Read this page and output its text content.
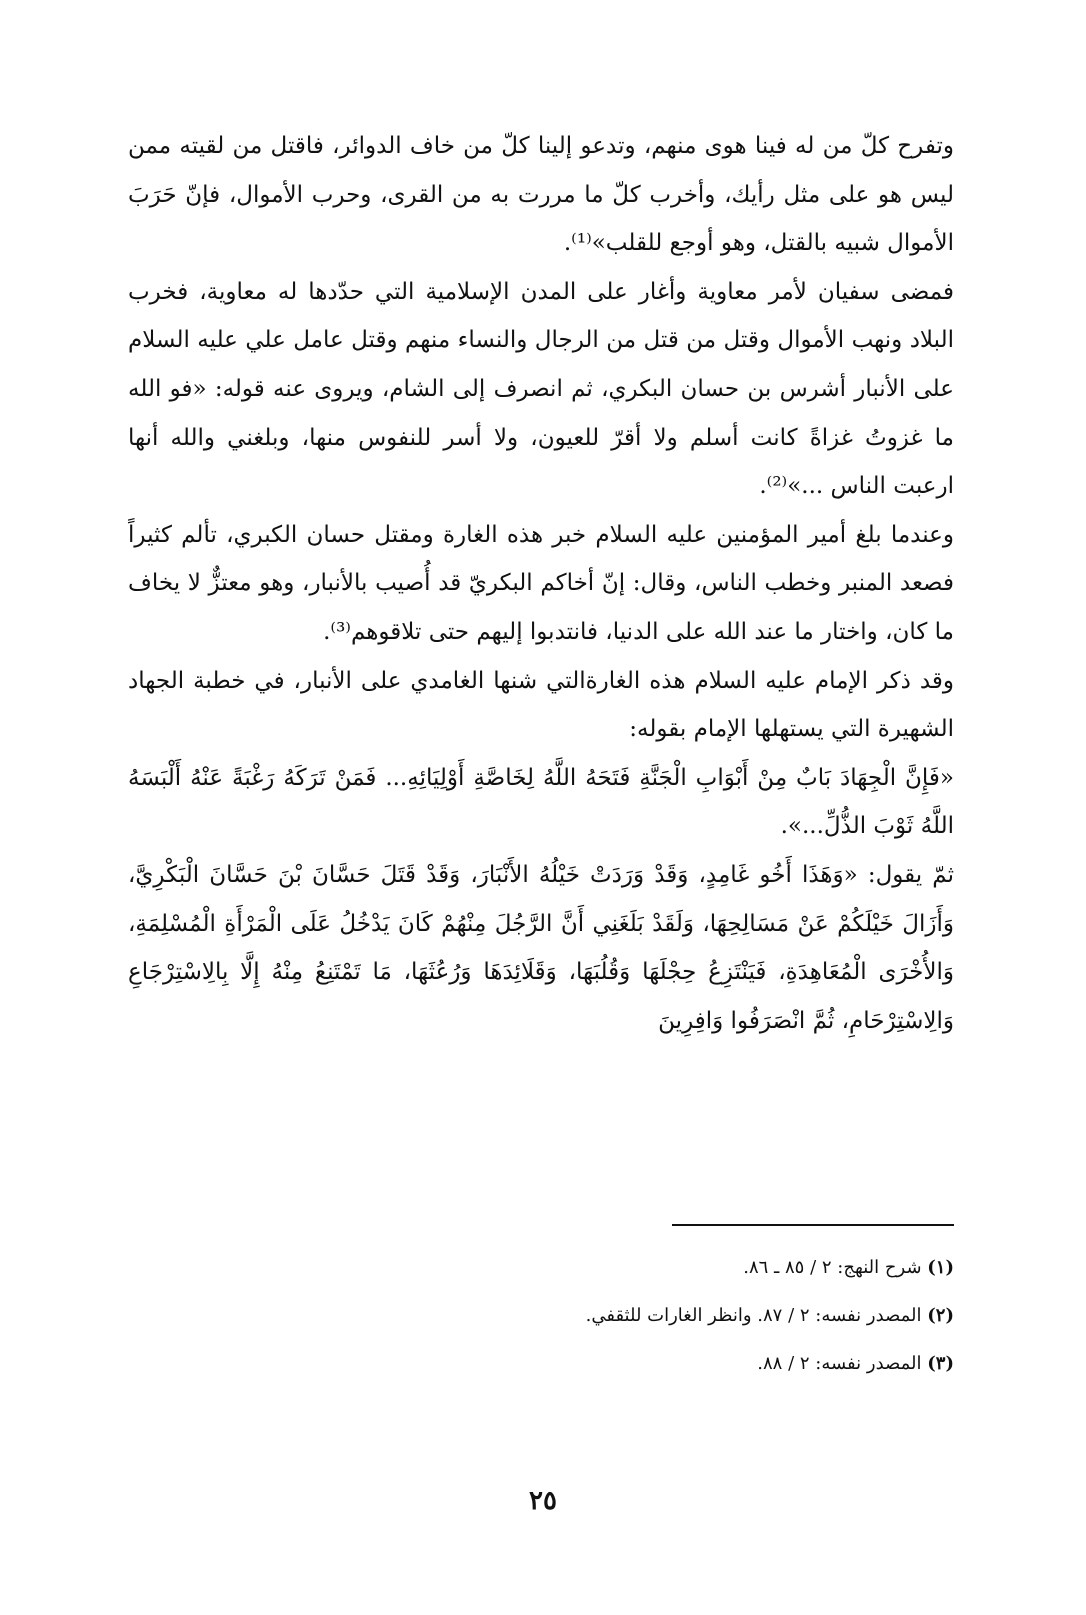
وتفرح كلّ من له فينا هوى منهم، وتدعو إلينا كلّ من خاف الدوائر، فاقتل من لقيته ممن ليس هو على مثل رأيك، وأخرب كلّ ما مررت به من القرى، وحرب الأموال، فإنّ حَرَبَ الأموال شبيه بالقتل، وهو أوجع للقلب»⁽¹⁾.

فمضى سفيان لأمر معاوية وأغار على المدن الإسلامية التي حدّدها له معاوية، فخرب البلاد ونهب الأموال وقتل من قتل من الرجال والنساء منهم وقتل عامل علي عليه السلام على الأنبار أشرس بن حسان البكري، ثم انصرف إلى الشام، ويروى عنه قوله: «فو الله ما غزوتُ غزاةً كانت أسلم ولا أقرّ للعيون، ولا أسر للنفوس منها، وبلغني والله أنها ارعبت الناس ...»⁽²⁾.

وعندما بلغ أمير المؤمنين عليه السلام خبر هذه الغارة ومقتل حسان الكبري، تألم كثيراً فصعد المنبر وخطب الناس، وقال: إنّ أخاكم البكريّ قد أُصيب بالأنبار، وهو معتزٌّ لا يخاف ما كان، واختار ما عند الله على الدنيا، فانتدبوا إليهم حتى تلاقوهم⁽³⁾.

وقد ذكر الإمام عليه السلام هذه الغارةالتي شنها الغامدي على الأنبار، في خطبة الجهاد الشهيرة التي يستهلها الإمام بقوله:

«فَإِنَّ الْجِهَادَ بَابٌ مِنْ أَبْوَابِ الْجَنَّةِ فَتَحَهُ اللَّهُ لِخَاصَّةِ أَوْلِيَائِهِ... فَمَنْ تَرَكَهُ رَغْبَةً عَنْهُ أَلْبَسَهُ اللَّهُ ثَوْبَ الذُّلِّ...».

ثمّ يقول: «وَهَذَا أَخُو غَامِدٍ، وَقَدْ وَرَدَتْ خَيْلُهُ الأَنْبَارَ، وَقَدْ قَتَلَ حَسَّانَ بْنَ حَسَّانَ الْبَكْرِيَّ، وَأَزَالَ خَيْلَكُمْ عَنْ مَسَالِحِهَا، وَلَقَدْ بَلَغَنِي أَنَّ الرَّجُلَ مِنْهُمْ كَانَ يَدْخُلُ عَلَى الْمَرْأَةِ الْمُسْلِمَةِ، وَالأُخْرَى الْمُعَاهِدَةِ، فَيَنْتَزِعُ حِجْلَهَا وَقُلُبَهَا، وَقَلَائِدَهَا وَرُعُثَهَا، مَا تَمْتَنِعُ مِنْهُ إِلَّا بِالِاسْتِرْجَاعِ وَالِاسْتِرْحَامِ، ثُمَّ انْصَرَفُوا وَافِرِينَ

(١) شرح النهج: ٢ / ٨٥ ـ ٨٦.
(٢) المصدر نفسه: ٢ / ٨٧. وانظر الغارات للثقفي.
(٣) المصدر نفسه: ٢ / ٨٨.
٢٥
